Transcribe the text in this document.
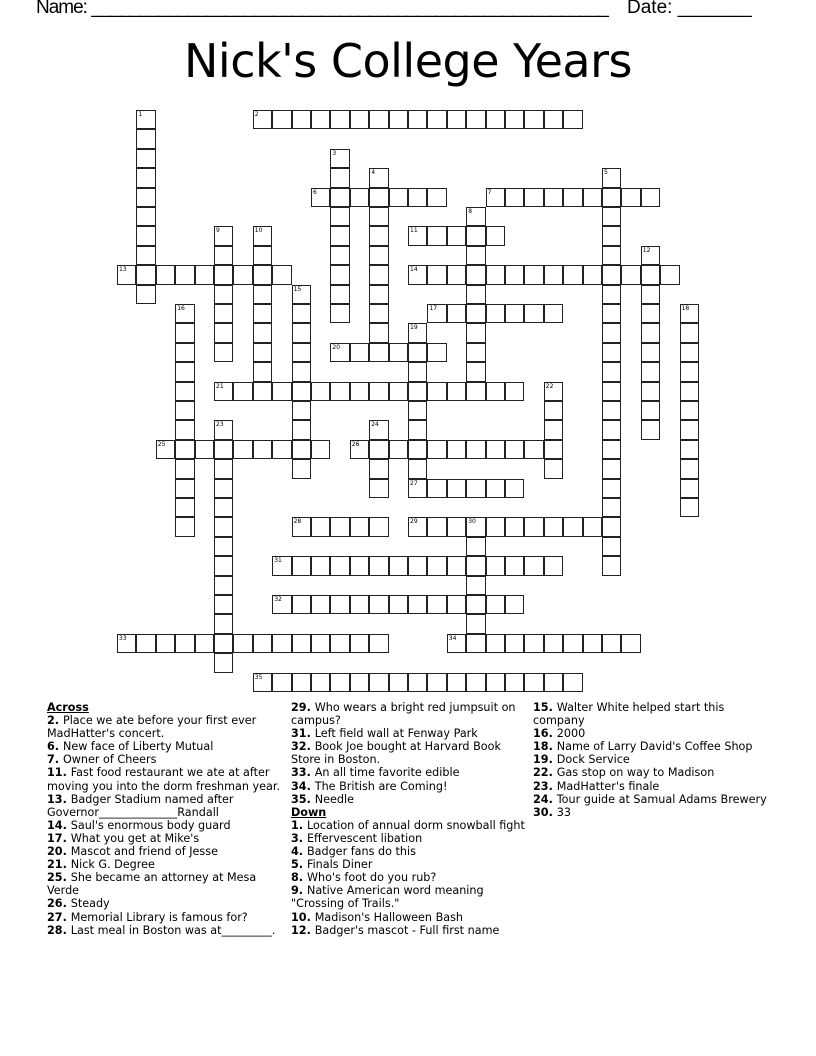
Name: ______________________________________________________ Date: _______
Nick's College Years
2
6	7
11
13	14
17
20
21
25	26
27
28	29	30
31
32
33	34
35
1
3
4	5
8
9	10
12
15
16	18
19
22
23	24
Across
2. Place we ate before your first ever MadHatter's concert.
6. New face of Liberty Mutual
7. Owner of Cheers
11. Fast food restaurant we ate at after moving you into the dorm freshman year.
13. Badger Stadium named after Governor______________Randall
14. Saul's enormous body guard
17. What you get at Mike's
20. Mascot and friend of Jesse
21. Nick G. Degree
25. She became an attorney at Mesa Verde
26. Steady
27. Memorial Library is famous for?
28. Last meal in Boston was at_________.
29. Who wears a bright red jumpsuit on campus?
31. Left field wall at Fenway Park
32. Book Joe bought at Harvard Book Store in Boston.
33. An all time favorite edible
34. The British are Coming!
35. Needle
Down
1. Location of annual dorm snowball fight
3. Effervescent libation
4. Badger fans do this
5. Finals Diner
8. Who's foot do you rub?
9. Native American word meaning "Crossing of Trails."
10. Madison's Halloween Bash
12. Badger's mascot - Full first name
15. Walter White helped start this company
16. 2000
18. Name of Larry David's Coffee Shop
19. Dock Service
22. Gas stop on way to Madison
23. MadHatter's finale
24. Tour guide at Samual Adams Brewery
30. 33
